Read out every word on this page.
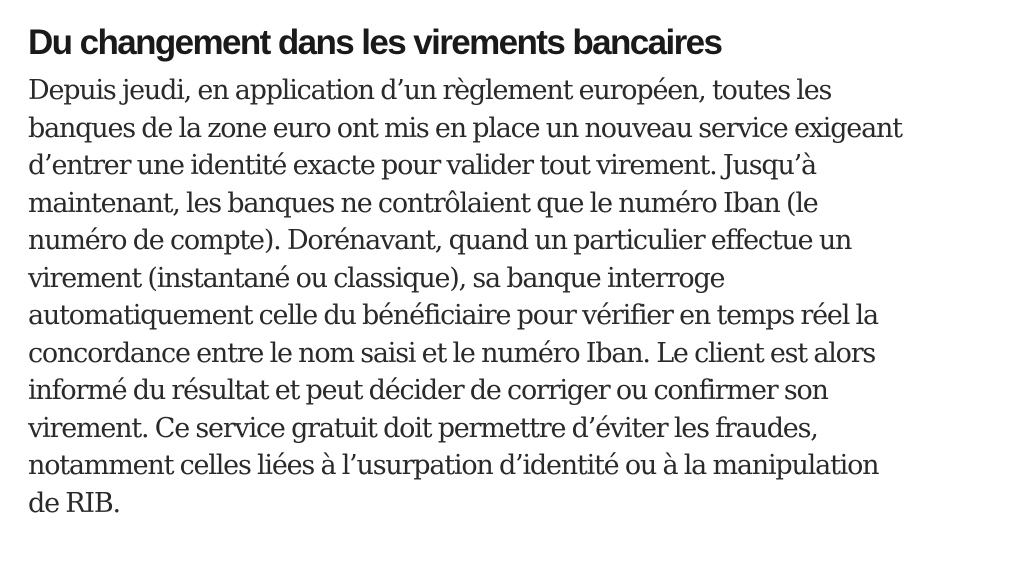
Du changement dans les virements bancaires

Depuis jeudi, en application d’un règlement européen, toutes les
banques de la zone euro ont mis en place un nouveau service exigeant
d’entrer une identité exacte pour valider tout virement. Jusqu’à
maintenant, les banques ne contrôlaient que le numéro Iban (le
numéro de compte). Dorénavant, quand un particulier effectue un
virement (instantané ou classique), sa banque interroge
automatiquement celle du bénéficiaire pour vérifier en temps réel la
concordance entre le nom saisi et le numéro Iban. Le client est alors
informé du résultat et peut décider de corriger ou confirmer son
virement. Ce service gratuit doit permettre d’éviter les fraudes,
notamment celles liées à l’usurpation d’identité ou à la manipulation
de RIB.
